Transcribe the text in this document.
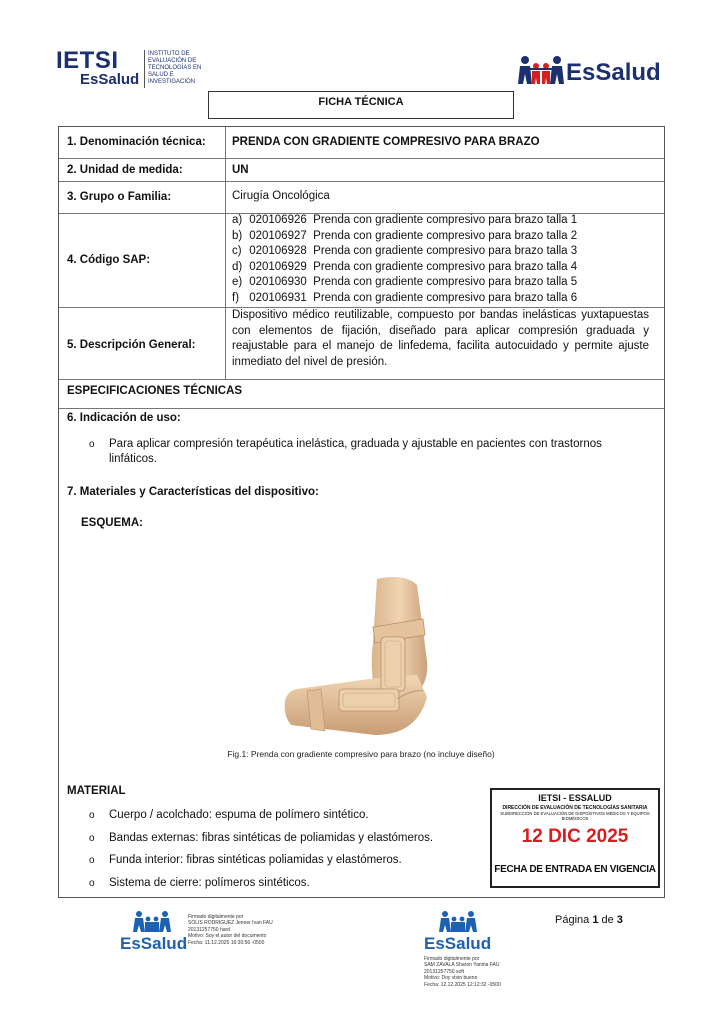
IETSI
EsSalud
INSTITUTO DE EVALUACIÓN DE TECNOLOGÍAS EN SALUD E INVESTIGACIÓN	EsSalud
FICHA TÉCNICA
1. Denominación técnica: PRENDA CON GRADIENTE COMPRESIVO PARA BRAZO
2. Unidad de medida:	UN
3. Grupo o Familia:	Cirugía Oncológica
4. Código SAP:
a) 020106926 Prenda con gradiente compresivo para brazo talla 1
b) 020106927 Prenda con gradiente compresivo para brazo talla 2
c) 020106928 Prenda con gradiente compresivo para brazo talla 3
d) 020106929 Prenda con gradiente compresivo para brazo talla 4
e) 020106930 Prenda con gradiente compresivo para brazo talla 5
f) 020106931 Prenda con gradiente compresivo para brazo talla 6
5. Descripción General:
Dispositivo médico reutilizable, compuesto por bandas inelásticas yuxtapuestas con elementos de fijación, diseñado para aplicar compresión graduada y reajustable para el manejo de linfedema, facilita autocuidado y permite ajuste inmediato del nivel de presión.
ESPECIFICACIONES TÉCNICAS
6. Indicación de uso:
o Para aplicar compresión terapéutica inelástica, graduada y ajustable en pacientes con trastornos linfáticos.
7. Materiales y Características del dispositivo:
ESQUEMA:
Fig.1: Prenda con gradiente compresivo para brazo (no incluye diseño)
MATERIAL
o Cuerpo / acolchado: espuma de polímero sintético.
o Bandas externas: fibras sintéticas de poliamidas y elastómeros.
o Funda interior: fibras sintéticas poliamidas y elastómeros.
o Sistema de cierre: polímeros sintéticos.
IETSI - ESSALUD
DIRECCIÓN DE EVALUACIÓN DE TECNOLOGÍAS SANITARIA
SUBDIRECCIÓN DE EVALUACIÓN DE DISPOSITIVOS MÉDICOS Y EQUIPOS BIOMÉDICOS
12 DIC 2025
FECHA DE ENTRADA EN VIGENCIA
EsSalud
Firmado digitalmente por
SOLIS RODRIGUEZ Jenner Ivan FAU
20131257750 hard
Motivo: Soy el autor del documento
Fecha: 11.12.2025 16:30:56 -0500	EsSalud
Firmado digitalmente por
SAM ZAVALA Sharon Yanina FAU
20131257750 soft
Motivo: Doy visto bueno
Fecha: 12.12.2025 12:12:32 -0500
Página 1 de 3
